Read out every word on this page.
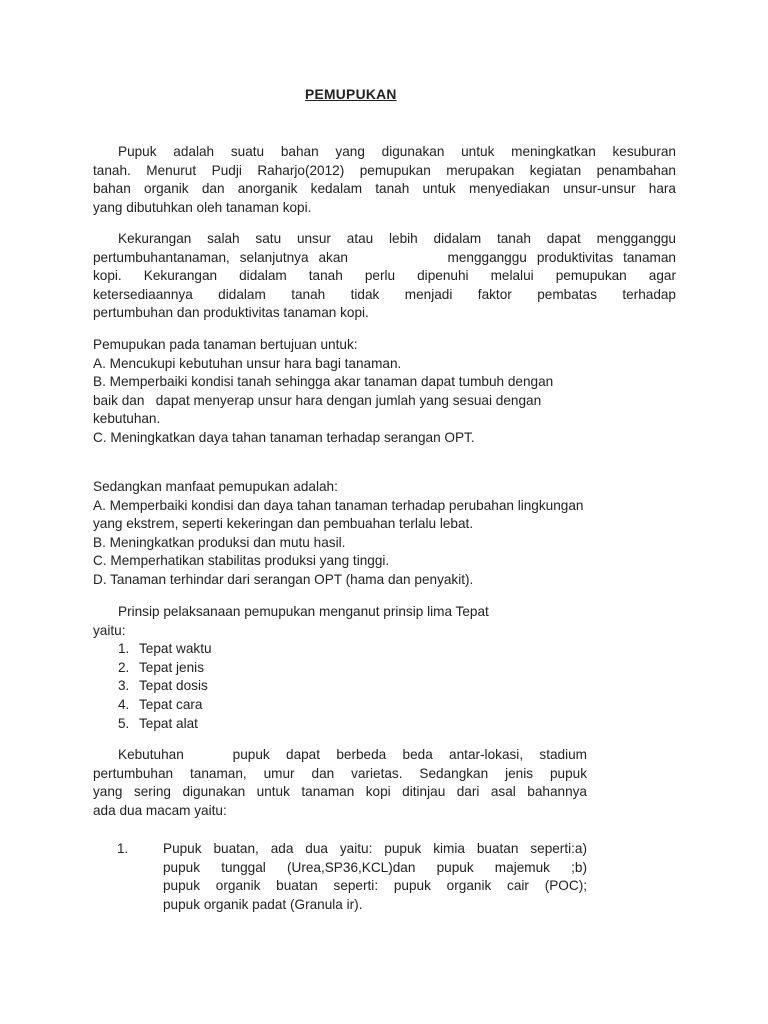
PEMUPUKAN
Pupuk adalah suatu bahan yang digunakan untuk meningkatkan kesuburan
tanah. Menurut Pudji Raharjo(2012) pemupukan merupakan kegiatan penambahan
bahan organik dan anorganik kedalam tanah untuk menyediakan unsur-unsur hara
yang dibutuhkan oleh tanaman kopi.
Kekurangan salah satu unsur atau lebih didalam tanah dapat mengganggu
pertumbuhantanaman, selanjutnya akan          mengganggu produktivitas tanaman
kopi. Kekurangan didalam tanah perlu dipenuhi melalui pemupukan agar
ketersediaannya didalam tanah tidak menjadi faktor pembatas terhadap
pertumbuhan dan produktivitas tanaman kopi.
Pemupukan pada tanaman bertujuan untuk:
A. Mencukupi kebutuhan unsur hara bagi tanaman.
B. Memperbaiki kondisi tanah sehingga akar tanaman dapat tumbuh dengan
baik dan   dapat menyerap unsur hara dengan jumlah yang sesuai dengan
kebutuhan.
C. Meningkatkan daya tahan tanaman terhadap serangan OPT.
Sedangkan manfaat pemupukan adalah:
A. Memperbaiki kondisi dan daya tahan tanaman terhadap perubahan lingkungan
yang ekstrem, seperti kekeringan dan pembuahan terlalu lebat.
B. Meningkatkan produksi dan mutu hasil.
C. Memperhatikan stabilitas produksi yang tinggi.
D. Tanaman terhindar dari serangan OPT (hama dan penyakit).
Prinsip pelaksanaan pemupukan menganut prinsip lima Tepat
yaitu:
1. Tepat waktu
2. Tepat jenis
3. Tepat dosis
4. Tepat cara
5. Tepat alat
Kebutuhan   pupuk dapat berbeda beda antar-lokasi, stadium
pertumbuhan tanaman, umur dan varietas. Sedangkan jenis pupuk
yang sering digunakan untuk tanaman kopi ditinjau dari asal bahannya
ada dua macam yaitu:
1.	Pupuk buatan, ada dua yaitu: pupuk kimia buatan seperti:a)
pupuk tunggal (Urea,SP36,KCL)dan pupuk majemuk ;b)
pupuk organik buatan seperti: pupuk organik cair (POC);
pupuk organik padat (Granula ir).
